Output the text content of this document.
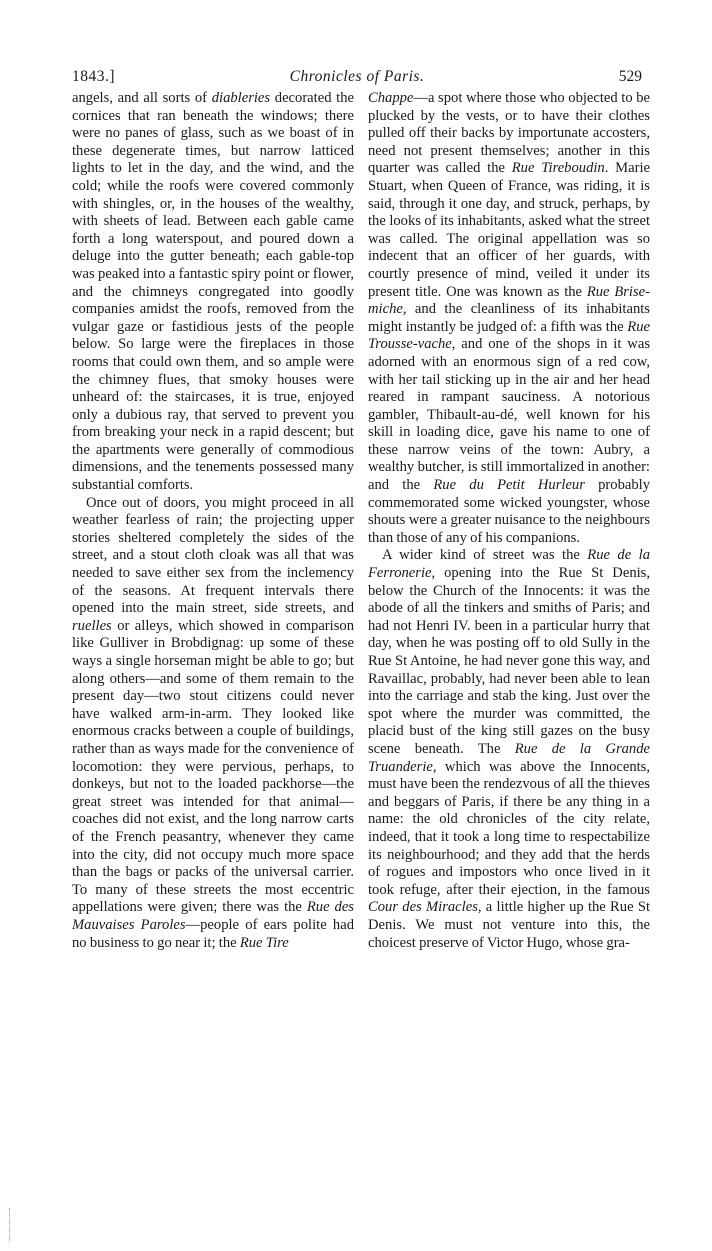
1843.]	Chronicles of Paris.	529

angels, and all sorts of diableries decorated the cornices that ran beneath the windows; there were no panes of glass, such as we boast of in these degenerate times, but narrow latticed lights to let in the day, and the wind, and the cold; while the roofs were covered commonly with shingles, or, in the houses of the wealthy, with sheets of lead. Between each gable came forth a long waterspout, and poured down a deluge into the gutter beneath; each gable-top was peaked into a fantastic spiry point or flower, and the chimneys congregated into goodly companies amidst the roofs, removed from the vulgar gaze or fastidious jests of the people below. So large were the fireplaces in those rooms that could own them, and so ample were the chimney flues, that smoky houses were unheard of: the staircases, it is true, enjoyed only a dubious ray, that served to prevent you from breaking your neck in a rapid descent; but the apartments were generally of commodious dimensions, and the tenements possessed many substantial comforts.

Once out of doors, you might proceed in all weather fearless of rain; the projecting upper stories sheltered completely the sides of the street, and a stout cloth cloak was all that was needed to save either sex from the inclemency of the seasons. At frequent intervals there opened into the main street, side streets, and ruelles or alleys, which showed in comparison like Gulliver in Brobdignag: up some of these ways a single horseman might be able to go; but along others—and some of them remain to the present day—two stout citizens could never have walked arm-in-arm. They looked like enormous cracks between a couple of buildings, rather than as ways made for the convenience of locomotion: they were pervious, perhaps, to donkeys, but not to the loaded packhorse—the great street was intended for that animal—coaches did not exist, and the long narrow carts of the French peasantry, whenever they came into the city, did not occupy much more space than the bags or packs of the universal carrier. To many of these streets the most eccentric appellations were given; there was the Rue des Mauvaises Paroles—people of ears polite had no business to go near it; the Rue Tire

Chappe—a spot where those who objected to be plucked by the vests, or to have their clothes pulled off their backs by importunate accosters, need not present themselves; another in this quarter was called the Rue Tireboudin. Marie Stuart, when Queen of France, was riding, it is said, through it one day, and struck, perhaps, by the looks of its inhabitants, asked what the street was called. The original appellation was so indecent that an officer of her guards, with courtly presence of mind, veiled it under its present title. One was known as the Rue Brise-miche, and the cleanliness of its inhabitants might instantly be judged of: a fifth was the Rue Trousse-vache, and one of the shops in it was adorned with an enormous sign of a red cow, with her tail sticking up in the air and her head reared in rampant sauciness. A notorious gambler, Thibault-au-dé, well known for his skill in loading dice, gave his name to one of these narrow veins of the town: Aubry, a wealthy butcher, is still immortalized in another: and the Rue du Petit Hurleur probably commemorated some wicked youngster, whose shouts were a greater nuisance to the neighbours than those of any of his companions.

A wider kind of street was the Rue de la Ferronerie, opening into the Rue St Denis, below the Church of the Innocents: it was the abode of all the tinkers and smiths of Paris; and had not Henri IV. been in a particular hurry that day, when he was posting off to old Sully in the Rue St Antoine, he had never gone this way, and Ravaillac, probably, had never been able to lean into the carriage and stab the king. Just over the spot where the murder was committed, the placid bust of the king still gazes on the busy scene beneath. The Rue de la Grande Truanderie, which was above the Innocents, must have been the rendezvous of all the thieves and beggars of Paris, if there be any thing in a name: the old chronicles of the city relate, indeed, that it took a long time to respectabilize its neighbourhood; and they add that the herds of rogues and impostors who once lived in it took refuge, after their ejection, in the famous Cour des Miracles, a little higher up the Rue St Denis. We must not venture into this, the choicest preserve of Victor Hugo, whose gra-
